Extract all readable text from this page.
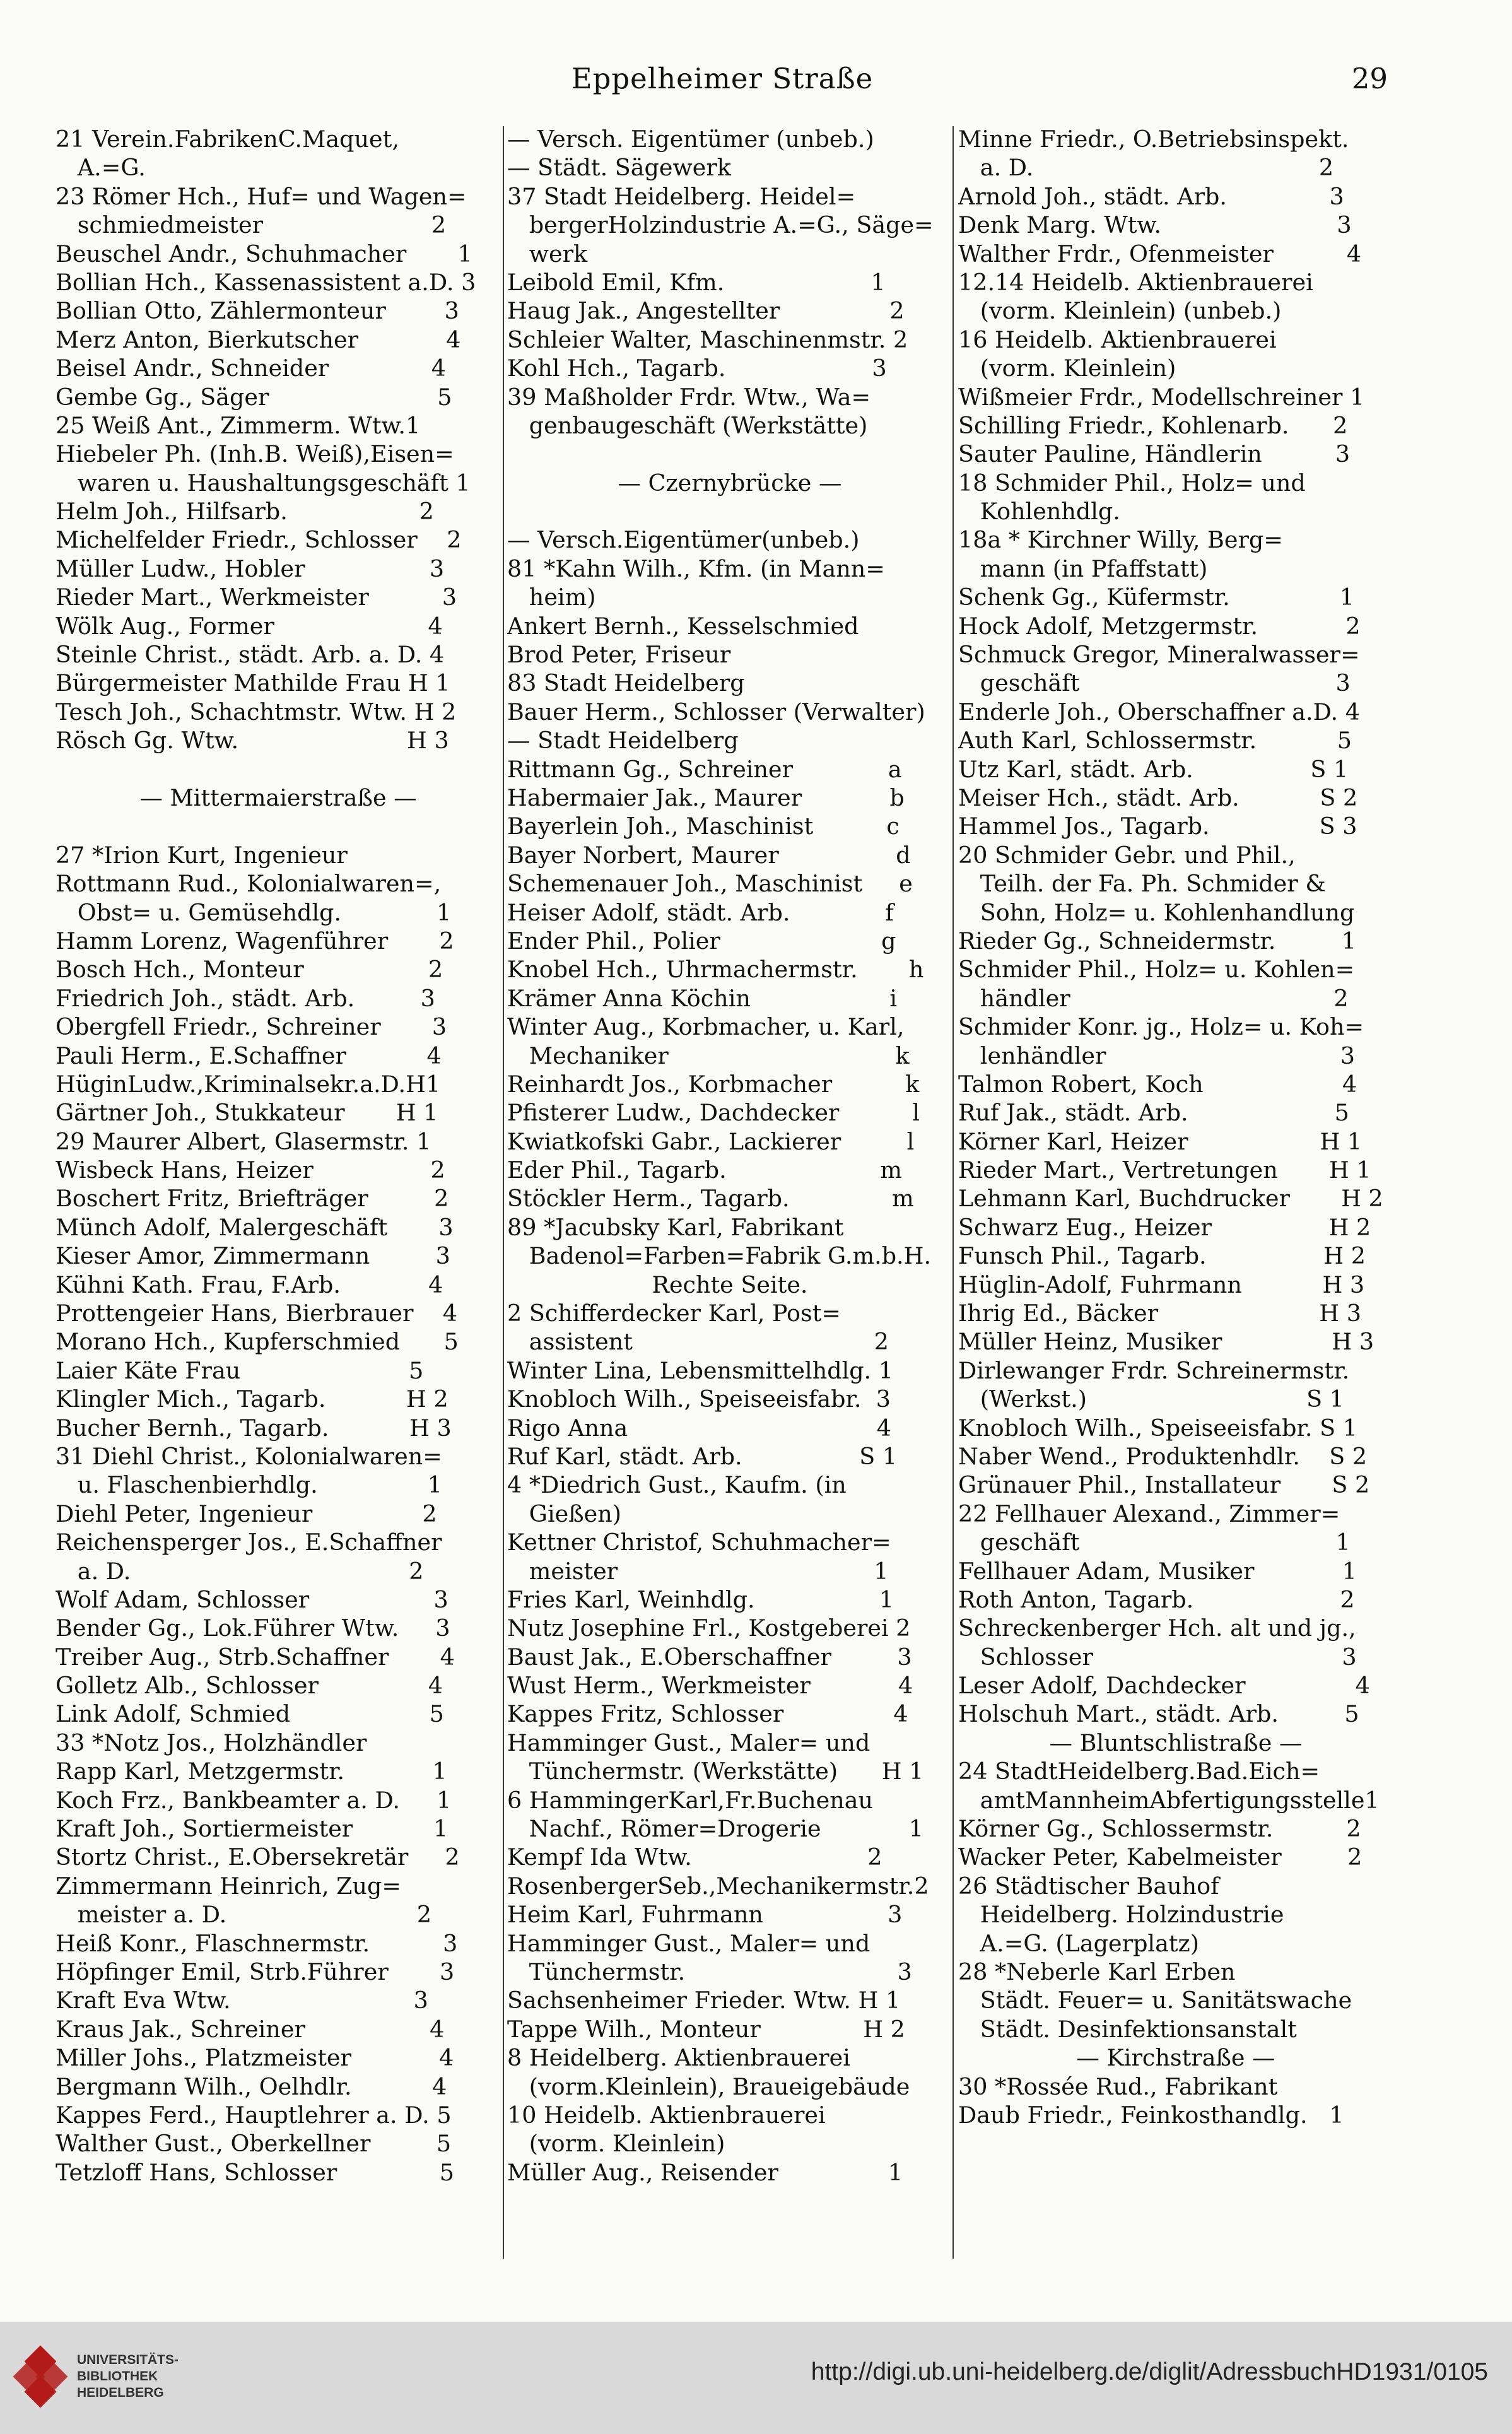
Eppelheimer Straße	29
21 Verein.FabrikenC.Maquet,
A.=G.
23 Römer Hch., Huf= und Wagen=
schmiedmeister                       2
Beuschel Andr., Schuhmacher       1
Bollian Hch., Kassenassistent a.D. 3
Bollian Otto, Zählermonteur        3
Merz Anton, Bierkutscher            4
Beisel Andr., Schneider              4
Gembe Gg., Säger                       5
25 Weiß Ant., Zimmerm. Wtw.1
Hiebeler Ph. (Inh.B. Weiß),Eisen=
waren u. Haushaltungsgeschäft 1
Helm Joh., Hilfsarb.                  2
Michelfelder Friedr., Schlosser    2
Müller Ludw., Hobler                 3
Rieder Mart., Werkmeister          3
Wölk Aug., Former                     4
Steinle Christ., städt. Arb. a. D. 4
Bürgermeister Mathilde Frau H 1
Tesch Joh., Schachtmstr. Wtw. H 2
Rösch Gg. Wtw.                       H 3
— Mittermaierstraße —
27 *Irion Kurt, Ingenieur
Rottmann Rud., Kolonialwaren=,
Obst= u. Gemüsehdlg.             1
Hamm Lorenz, Wagenführer       2
Bosch Hch., Monteur                 2
Friedrich Joh., städt. Arb.         3
Obergfell Friedr., Schreiner       3
Pauli Herm., E.Schaffner           4
HüginLudw.,Kriminalsekr.a.D.H1
Gärtner Joh., Stukkateur       H 1
29 Maurer Albert, Glasermstr. 1
Wisbeck Hans, Heizer                2
Boschert Fritz, Briefträger         2
Münch Adolf, Malergeschäft       3
Kieser Amor, Zimmermann         3
Kühni Kath. Frau, F.Arb.            4
Prottengeier Hans, Bierbrauer    4
Morano Hch., Kupferschmied      5
Laier Käte Frau                       5
Klingler Mich., Tagarb.           H 2
Bucher Bernh., Tagarb.           H 3
31 Diehl Christ., Kolonialwaren=
u. Flaschenbierhdlg.               1
Diehl Peter, Ingenieur               2
Reichensperger Jos., E.Schaffner
a. D.                                      2
Wolf Adam, Schlosser                 3
Bender Gg., Lok.Führer Wtw.     3
Treiber Aug., Strb.Schaffner       4
Golletz Alb., Schlosser               4
Link Adolf, Schmied                   5
33 *Notz Jos., Holzhändler
Rapp Karl, Metzgermstr.            1
Koch Frz., Bankbeamter a. D.     1
Kraft Joh., Sortiermeister           1
Stortz Christ., E.Obersekretär     2
Zimmermann Heinrich, Zug=
meister a. D.                          2
Heiß Konr., Flaschnermstr.          3
Höpfinger Emil, Strb.Führer       3
Kraft Eva Wtw.                         3
Kraus Jak., Schreiner                 4
Miller Johs., Platzmeister            4
Bergmann Wilh., Oelhdlr.           4
Kappes Ferd., Hauptlehrer a. D. 5
Walther Gust., Oberkellner         5
Tetzloff Hans, Schlosser              5
— Versch. Eigentümer (unbeb.)
— Städt. Sägewerk
37 Stadt Heidelberg. Heidel=
bergerHolzindustrie A.=G., Säge=
werk
Leibold Emil, Kfm.                    1
Haug Jak., Angestellter               2
Schleier Walter, Maschinenmstr. 2
Kohl Hch., Tagarb.                    3
39 Maßholder Frdr. Wtw., Wa=
genbaugeschäft (Werkstätte)
— Czernybrücke —
— Versch.Eigentümer(unbeb.)
81 *Kahn Wilh., Kfm. (in Mann=
heim)
Ankert Bernh., Kesselschmied
Brod Peter, Friseur
83 Stadt Heidelberg
Bauer Herm., Schlosser (Verwalter)
— Stadt Heidelberg
Rittmann Gg., Schreiner             a
Habermaier Jak., Maurer            b
Bayerlein Joh., Maschinist          c
Bayer Norbert, Maurer                d
Schemenauer Joh., Maschinist     e
Heiser Adolf, städt. Arb.             f
Ender Phil., Polier                      g
Knobel Hch., Uhrmachermstr.       h
Krämer Anna Köchin                   i
Winter Aug., Korbmacher, u. Karl,
Mechaniker                               k
Reinhardt Jos., Korbmacher          k
Pfisterer Ludw., Dachdecker          l
Kwiatkofski Gabr., Lackierer         l
Eder Phil., Tagarb.                     m
Stöckler Herm., Tagarb.              m
89 *Jacubsky Karl, Fabrikant
Badenol=Farben=Fabrik G.m.b.H.
Rechte Seite.
2 Schifferdecker Karl, Post=
assistent                                 2
Winter Lina, Lebensmittelhdlg. 1
Knobloch Wilh., Speiseeisfabr.  3
Rigo Anna                                  4
Ruf Karl, städt. Arb.                S 1
4 *Diedrich Gust., Kaufm. (in
Gießen)
Kettner Christof, Schuhmacher=
meister                                   1
Fries Karl, Weinhdlg.                 1
Nutz Josephine Frl., Kostgeberei 2
Baust Jak., E.Oberschaffner         3
Wust Herm., Werkmeister            4
Kappes Fritz, Schlosser               4
Hamminger Gust., Maler= und
Tünchermstr. (Werkstätte)      H 1
6 HammingerKarl,Fr.Buchenau
Nachf., Römer=Drogerie            1
Kempf Ida Wtw.                        2
RosenbergerSeb.,Mechanikermstr.2
Heim Karl, Fuhrmann                 3
Hamminger Gust., Maler= und
Tünchermstr.                             3
Sachsenheimer Frieder. Wtw. H 1
Tappe Wilh., Monteur              H 2
8 Heidelberg. Aktienbrauerei
(vorm.Kleinlein), Braueigebäude
10 Heidelb. Aktienbrauerei
(vorm. Kleinlein)
Müller Aug., Reisender               1
Minne Friedr., O.Betriebsinspekt.
a. D.                                       2
Arnold Joh., städt. Arb.              3
Denk Marg. Wtw.                        3
Walther Frdr., Ofenmeister          4
12.14 Heidelb. Aktienbrauerei
(vorm. Kleinlein) (unbeb.)
16 Heidelb. Aktienbrauerei
(vorm. Kleinlein)
Wißmeier Frdr., Modellschreiner 1
Schilling Friedr., Kohlenarb.      2
Sauter Pauline, Händlerin          3
18 Schmider Phil., Holz= und
Kohlenhdlg.
18a * Kirchner Willy, Berg=
mann (in Pfaffstatt)
Schenk Gg., Küfermstr.               1
Hock Adolf, Metzgermstr.            2
Schmuck Gregor, Mineralwasser=
geschäft                                   3
Enderle Joh., Oberschaffner a.D. 4
Auth Karl, Schlossermstr.           5
Utz Karl, städt. Arb.                S 1
Meiser Hch., städt. Arb.           S 2
Hammel Jos., Tagarb.               S 3
20 Schmider Gebr. und Phil.,
Teilh. der Fa. Ph. Schmider &
Sohn, Holz= u. Kohlenhandlung
Rieder Gg., Schneidermstr.         1
Schmider Phil., Holz= u. Kohlen=
händler                                    2
Schmider Konr. jg., Holz= u. Koh=
lenhändler                                3
Talmon Robert, Koch                   4
Ruf Jak., städt. Arb.                    5
Körner Karl, Heizer                  H 1
Rieder Mart., Vertretungen       H 1
Lehmann Karl, Buchdrucker       H 2
Schwarz Eug., Heizer                H 2
Funsch Phil., Tagarb.                H 2
Hüglin-Adolf, Fuhrmann           H 3
Ihrig Ed., Bäcker                      H 3
Müller Heinz, Musiker               H 3
Dirlewanger Frdr. Schreinermstr.
(Werkst.)                              S 1
Knobloch Wilh., Speiseeisfabr. S 1
Naber Wend., Produktenhdlr.    S 2
Grünauer Phil., Installateur       S 2
22 Fellhauer Alexand., Zimmer=
geschäft                                   1
Fellhauer Adam, Musiker            1
Roth Anton, Tagarb.                    2
Schreckenberger Hch. alt und jg.,
Schlosser                                  3
Leser Adolf, Dachdecker               4
Holschuh Mart., städt. Arb.         5
— Bluntschlistraße —
24 StadtHeidelberg.Bad.Eich=
amtMannheimAbfertigungsstelle1
Körner Gg., Schlossermstr.          2
Wacker Peter, Kabelmeister         2
26 Städtischer Bauhof
Heidelberg. Holzindustrie
A.=G. (Lagerplatz)
28 *Neberle Karl Erben
Städt. Feuer= u. Sanitätswache
Städt. Desinfektionsanstalt
— Kirchstraße —
30 *Rossée Rud., Fabrikant
Daub Friedr., Feinkosthandlg.   1
UNIVERSITÄTS-
BIBLIOTHEK
HEIDELBERG
http://digi.ub.uni-heidelberg.de/diglit/AdressbuchHD1931/0105
